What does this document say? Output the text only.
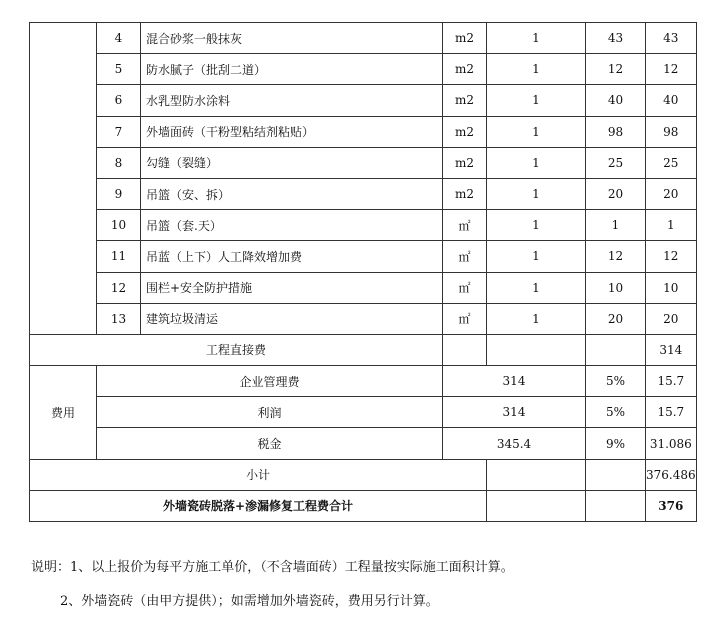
	4	混合砂浆一般抹灰	m2	1	43	43
	5	防水腻子（批刮二道）	m2	1	12	12
	6	水乳型防水涂料	m2	1	40	40
	7	外墙面砖（干粉型粘结剂粘贴）	m2	1	98	98
	8	勾缝（裂缝）	m2	1	25	25
	9	吊篮（安、拆）	m2	1	20	20
	10	吊篮（套.天）	㎡	1	1	1
	11	吊蓝（上下）人工降效增加费	㎡	1	12	12
	12	围栏+安全防护措施	㎡	1	10	10
	13	建筑垃圾清运	㎡	1	20	20
工程直接费						314
费用	企业管理费		314		5%	15.7
	利润		314		5%	15.7
	税金		345.4		9%	31.086
小计						376.486
外墙瓷砖脱落+渗漏修复工程费合计						376
说明：1、以上报价为每平方施工单价，（不含墙面砖）工程量按实际施工面积计算。
2、外墙瓷砖（由甲方提供）；如需增加外墙瓷砖，费用另行计算。
